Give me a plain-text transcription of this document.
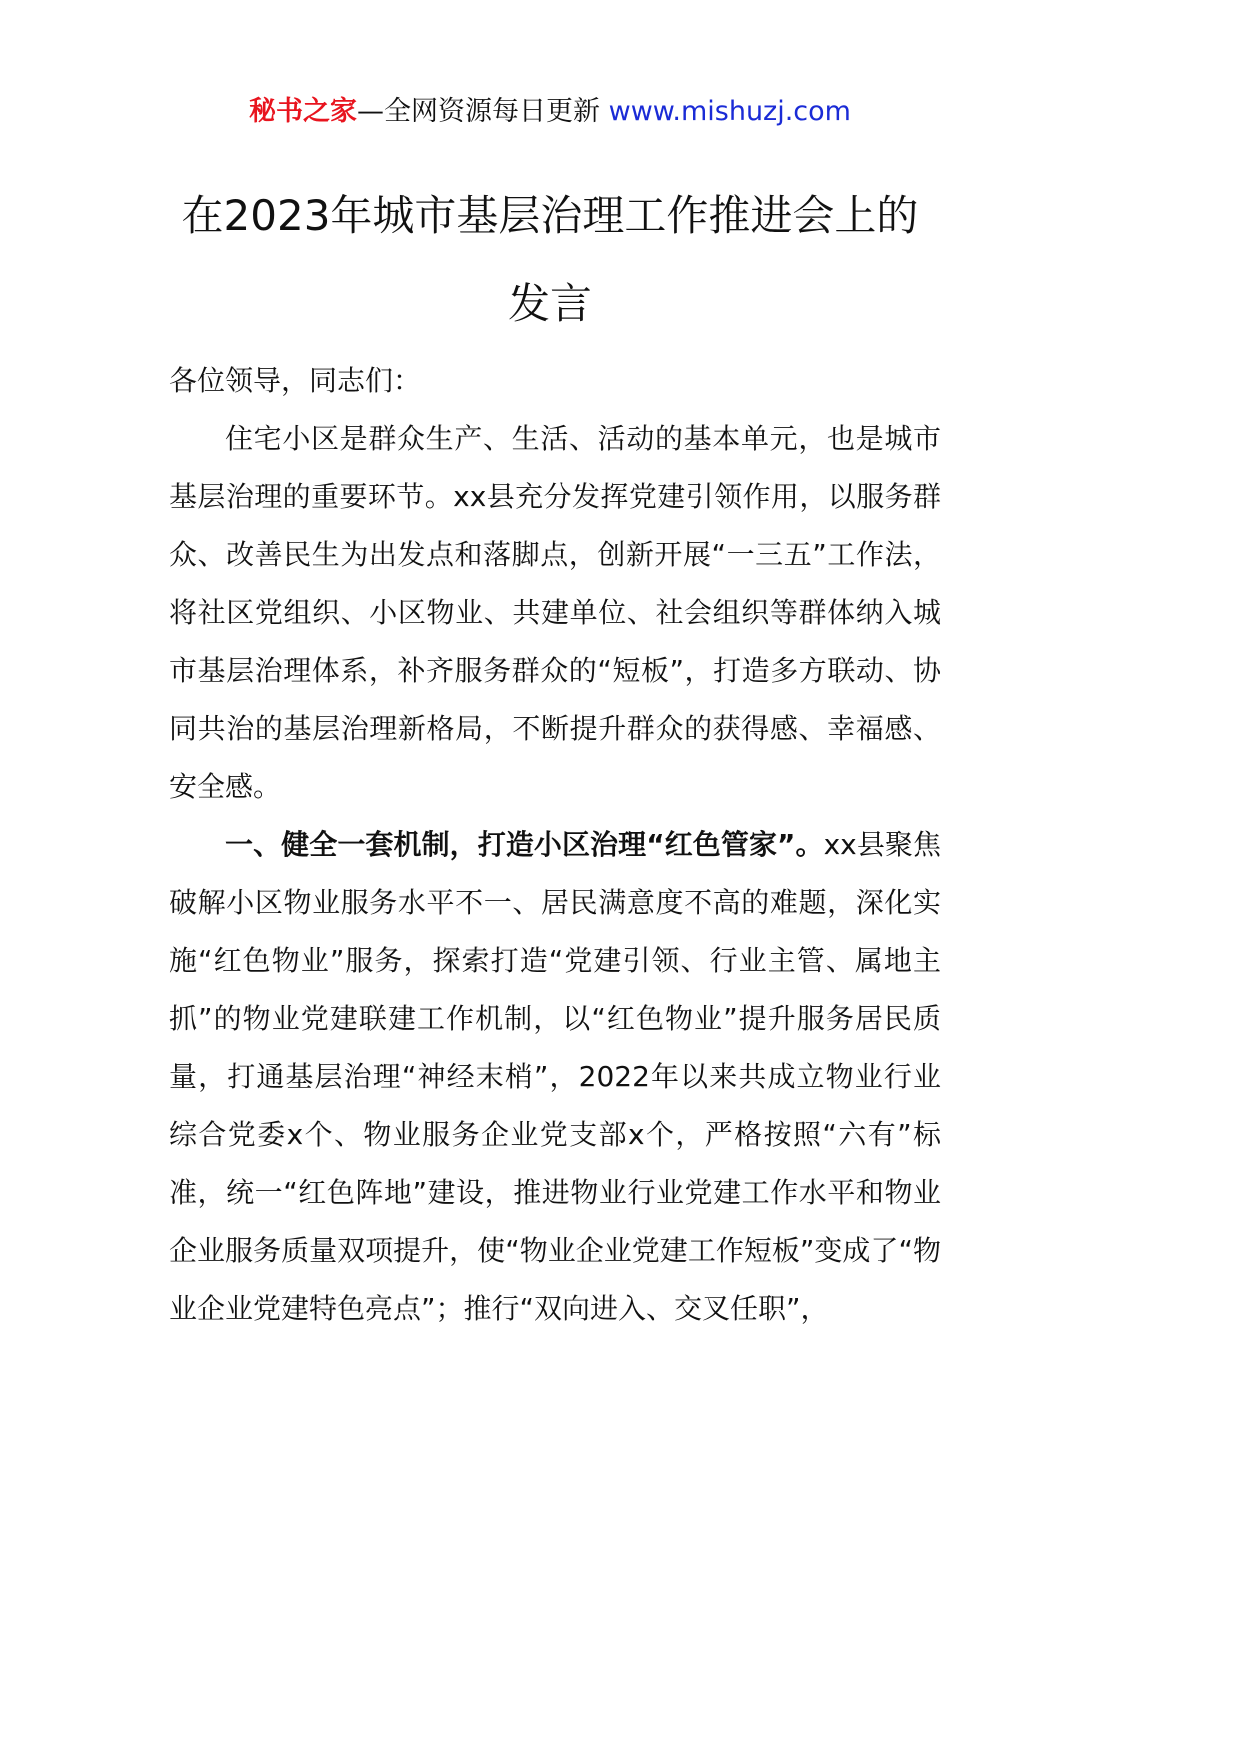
秘书之家—全网资源每日更新 www.mishuzj.com
在2023年城市基层治理工作推进会上的
发言

各位领导，同志们：

住宅小区是群众生产、生活、活动的基本单元，也是城市基层治理的重要环节。xx县充分发挥党建引领作用，以服务群众、改善民生为出发点和落脚点，创新开展“一三五”工作法，将社区党组织、小区物业、共建单位、社会组织等群体纳入城市基层治理体系，补齐服务群众的“短板”，打造多方联动、协同共治的基层治理新格局，不断提升群众的获得感、幸福感、安全感。

一、健全一套机制，打造小区治理“红色管家”。xx县聚焦破解小区物业服务水平不一、居民满意度不高的难题，深化实施“红色物业”服务，探索打造“党建引领、行业主管、属地主抓”的物业党建联建工作机制，以“红色物业”提升服务居民质量，打通基层治理“神经末梢”，2022年以来共成立物业行业综合党委x个、物业服务企业党支部x个，严格按照“六有”标准，统一“红色阵地”建设，推进物业行业党建工作水平和物业企业服务质量双项提升，使“物业企业党建工作短板”变成了“物业企业党建特色亮点”；推行“双向进入、交叉任职”，
